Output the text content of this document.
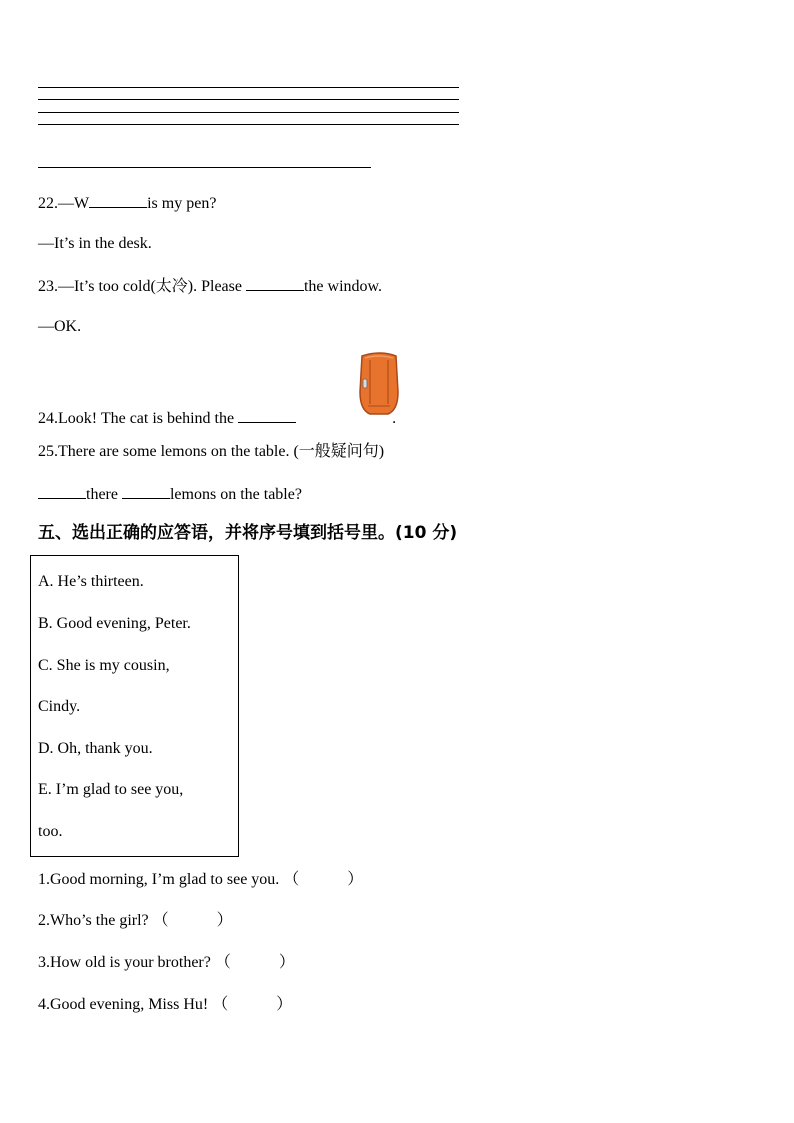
22.—W	is my pen?
—It’s in the desk.
23.—It’s too cold(太冷). Please	the window.
—OK.
24.Look! The cat is behind the	.
25.There are some lemons on the table. (一般疑问句)
there	lemons on the table?
五、选出正确的应答语，并将序号填到括号里。(10 分)
A. He’s thirteen.
B. Good evening, Peter.
C. She is my cousin,
Cindy.
D. Oh, thank you.
E. I’m glad to see you,
too.
1.Good morning, I’m glad to see you. （　　　）
2.Who’s the girl? （　　　）
3.How old is your brother? （　　　）
4.Good evening, Miss Hu! （　　　）
